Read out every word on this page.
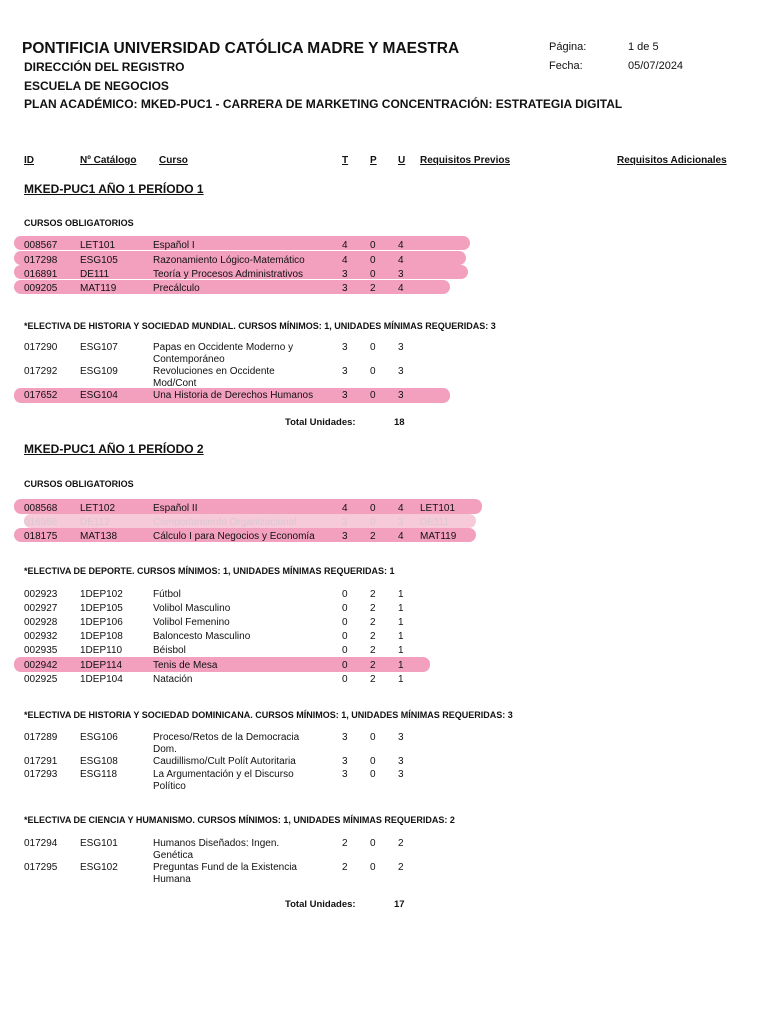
PONTIFICIA UNIVERSIDAD CATÓLICA MADRE Y MAESTRA
DIRECCIÓN DEL REGISTRO
ESCUELA DE NEGOCIOS
PLAN ACADÉMICO: MKED-PUC1 - CARRERA DE MARKETING CONCENTRACIÓN: ESTRATEGIA DIGITAL
Página:	1 de 5
Fecha:	05/07/2024
ID	Nº Catálogo Curso	T P U Requisitos Previos	Requisitos Adicionales
MKED-PUC1 AÑO 1 PERÍODO 1
CURSOS OBLIGATORIOS
008567 LET101	Español I	4 0 4
017298 ESG105	Razonamiento Lógico-Matemático	4 0 4
016891 DE111	Teoría y Procesos Administrativos	3 0 3
009205 MAT119	Precálculo	3 2 4
*ELECTIVA DE HISTORIA Y SOCIEDAD MUNDIAL. CURSOS MÍNIMOS: 1, UNIDADES MÍNIMAS REQUERIDAS: 3
017290 ESG107	Papas en Occidente Moderno y Contemporáneo
3 0 3
017292 ESG109	Revoluciones en Occidente Mod/Cont
3 0 3
017652 ESG104	Una Historia de Derechos Humanos	3 0 3
Total Unidades:	18
MKED-PUC1 AÑO 1 PERÍODO 2
CURSOS OBLIGATORIOS
008568 LET102	Español II	4 0 4 LET101
016958 DE112	Comportamiento Organizacional	3 0 3 DE111
018175 MAT138	Cálculo I para Negocios y Economía	3 2 4 MAT119
*ELECTIVA DE DEPORTE. CURSOS MÍNIMOS: 1, UNIDADES MÍNIMAS REQUERIDAS: 1
002923 1DEP102	Fútbol	0 2 1
002927 1DEP105	Volibol Masculino	0 2 1
002928 1DEP106	Volibol Femenino	0 2 1
002932 1DEP108	Baloncesto Masculino	0 2 1
002935 1DEP110	Béisbol	0 2 1
002942 1DEP114	Tenis de Mesa	0 2 1
002925 1DEP104	Natación	0 2 1
*ELECTIVA DE HISTORIA Y SOCIEDAD DOMINICANA. CURSOS MÍNIMOS: 1, UNIDADES MÍNIMAS REQUERIDAS: 3
017289 ESG106	Proceso/Retos de la Democracia Dom.
3 0 3
017291 ESG108	Caudillismo/Cult Polít Autoritaria	3 0 3
017293 ESG118	La Argumentación y el Discurso Político
3 0 3
*ELECTIVA DE CIENCIA Y HUMANISMO. CURSOS MÍNIMOS: 1, UNIDADES MÍNIMAS REQUERIDAS: 2
017294 ESG101	Humanos Diseñados: Ingen. Genética
2 0 2
017295 ESG102	Preguntas Fund de la Existencia Humana
2 0 2
Total Unidades:	17
